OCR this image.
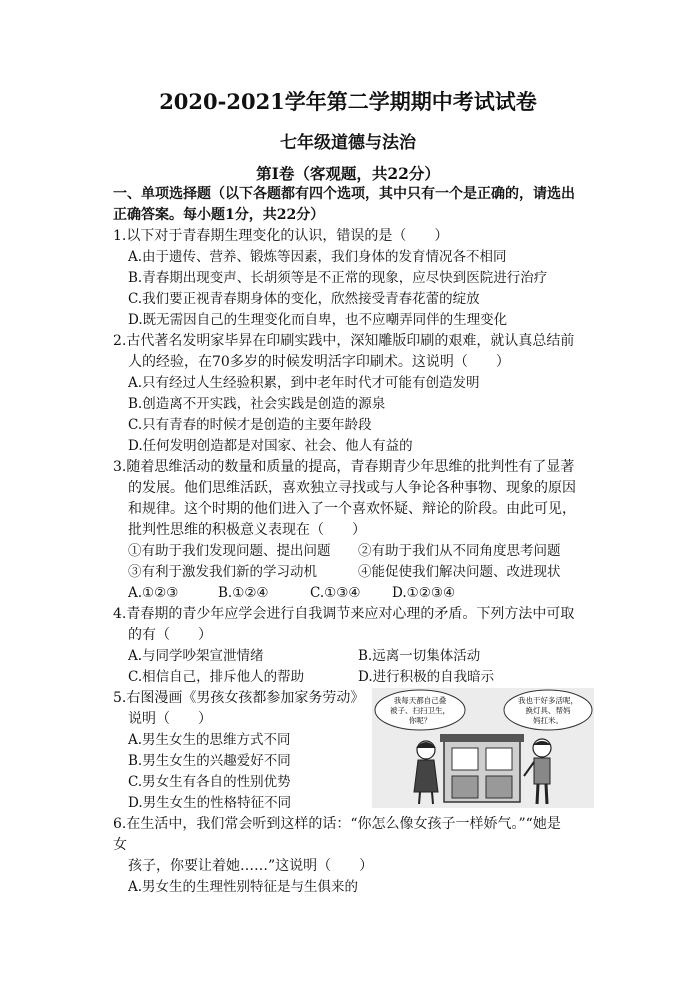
2020-2021学年第二学期期中考试试卷
七年级道德与法治
第Ⅰ卷（客观题，共22分）
一、单项选择题（以下各题都有四个选项，其中只有一个是正确的，请选出
正确答案。每小题1分，共22分）
1.以下对于青春期生理变化的认识，错误的是（　　）
A.由于遗传、营养、锻炼等因素，我们身体的发育情况各不相同
B.青春期出现变声、长胡须等是不正常的现象，应尽快到医院进行治疗
C.我们要正视青春期身体的变化，欣然接受青春花蕾的绽放
D.既无需因自己的生理变化而自卑，也不应嘲弄同伴的生理变化
2.古代著名发明家毕昇在印刷实践中，深知雕版印刷的艰难，就认真总结前
人的经验，在70多岁的时候发明活字印刷术。这说明（　　）
A.只有经过人生经验积累，到中老年时代才可能有创造发明
B.创造离不开实践，社会实践是创造的源泉
C.只有青春的时候才是创造的主要年龄段
D.任何发明创造都是对国家、社会、他人有益的
3.随着思维活动的数量和质量的提高，青春期青少年思维的批判性有了显著
的发展。他们思维活跃，喜欢独立寻找或与人争论各种事物、现象的原因
和规律。这个时期的他们进入了一个喜欢怀疑、辩论的阶段。由此可见，
批判性思维的积极意义表现在（　　）
①有助于我们发现问题、提出问题 ②有助于我们从不同角度思考问题
③有利于激发我们新的学习动机	④能促使我们解决问题、改进现状
A.①②③	B.①②④	C.①③④ D.①②③④
4.青春期的青少年应学会进行自我调节来应对心理的矛盾。下列方法中可取
的有（　　）
A.与同学吵架宣泄情绪	B.远离一切集体活动
C.相信自己，排斥他人的帮助	D.进行积极的自我暗示
5.右图漫画《男孩女孩都参加家务劳动》
说明（　　）
A.男生女生的思维方式不同
B.男生女生的兴趣爱好不同
C.男女生有各自的性别优势
D.男生女生的性格特征不同
我每天都自己叠
被子、扫扫卫生，
你呢？
我也干好多活呢，
换灯具、帮妈
妈扛米。
6.在生活中，我们常会听到这样的话：“你怎么像女孩子一样娇气。”“她是
女
孩子，你要让着她……”这说明（　　）
A.男女生的生理性别特征是与生俱来的
